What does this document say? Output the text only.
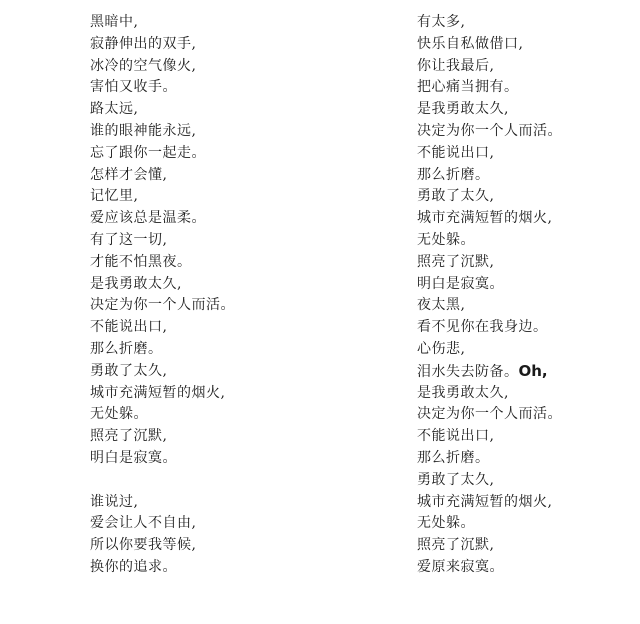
黑暗中,
寂静伸出的双手,
冰冷的空气像火,
害怕又收手。
路太远,
谁的眼神能永远,
忘了跟你一起走。
怎样才会懂,
记忆里,
爱应该总是温柔。
有了这一切,
才能不怕黑夜。
是我勇敢太久,
决定为你一个人而活。
不能说出口,
那么折磨。
勇敢了太久,
城市充满短暂的烟火,
无处躲。
照亮了沉默,
明白是寂寞。
谁说过,
爱会让人不自由,
所以你要我等候,
换你的追求。
有太多,
快乐自私做借口,
你让我最后,
把心痛当拥有。
是我勇敢太久,
决定为你一个人而活。
不能说出口,
那么折磨。
勇敢了太久,
城市充满短暂的烟火,
无处躲。
照亮了沉默,
明白是寂寞。
夜太黑,
看不见你在我身边。
心伤悲,
泪水失去防备。Oh,
是我勇敢太久,
决定为你一个人而活。
不能说出口,
那么折磨。
勇敢了太久,
城市充满短暂的烟火,
无处躲。
照亮了沉默,
爱原来寂寞。
